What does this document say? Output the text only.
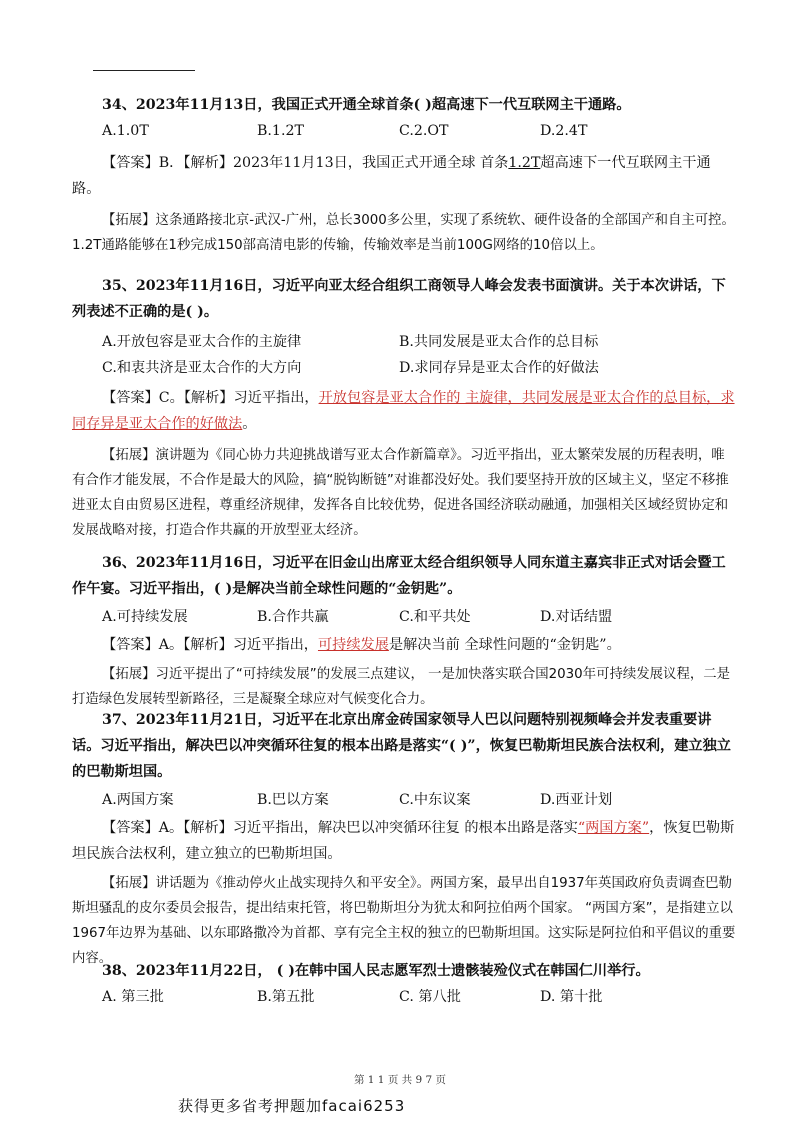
34、2023年11月13日，我国正式开通全球首条( )超高速下一代互联网主干通路。
A.1.0T	B.1.2T	C.2.OT	D.2.4T
【答案】B．【解析】2023年11月13日，我国正式开通全球 首条1.2T超高速下一代互联网主干通路。
【拓展】这条通路接北京-武汉-广州，总长3000多公里，实现了系统软、硬件设备的全部国产和自主可控。1.2T通路能够在1秒完成150部高清电影的传输，传输效率是当前100G网络的10倍以上。
35、2023年11月16日，习近平向亚太经合组织工商领导人峰会发表书面演讲。关于本次讲话，下列表述不正确的是( )。
A.开放包容是亚太合作的主旋律	B.共同发展是亚太合作的总目标
C.和衷共济是亚太合作的大方向	D.求同存异是亚太合作的好做法
【答案】C。【解析】习近平指出，开放包容是亚太合作的 主旋律，共同发展是亚太合作的总目标，求同存异是亚太合作的好做法。
【拓展】演讲题为《同心协力共迎挑战谱写亚太合作新篇章》。习近平指出，亚太繁荣发展的历程表明，唯有合作才能发展，不合作是最大的风险，搞“脱钩断链”对谁都没好处。我们要坚持开放的区域主义，坚定不移推进亚太自由贸易区进程，尊重经济规律，发挥各自比较优势，促进各国经济联动融通，加强相关区域经贸协定和发展战略对接，打造合作共赢的开放型亚太经济。
36、2023年11月16日，习近平在旧金山出席亚太经合组织领导人同东道主嘉宾非正式对话会暨工作午宴。习近平指出，( )是解决当前全球性问题的“金钥匙”。
A.可持续发展	B.合作共赢	C.和平共处	D.对话结盟
【答案】A。【解析】习近平指出，可持续发展是解决当前 全球性问题的“金钥匙”。
【拓展】习近平提出了“可持续发展”的发展三点建议， 一是加快落实联合国2030年可持续发展议程，二是打造绿色发展转型新路径，三是凝聚全球应对气候变化合力。
37、2023年11月21日，习近平在北京出席金砖国家领导人巴以问题特别视频峰会并发表重要讲话。习近平指出，解决巴以冲突循环往复的根本出路是落实“( )”，恢复巴勒斯坦民族合法权利，建立独立的巴勒斯坦国。
A.两国方案	B.巴以方案	C.中东议案	D.西亚计划
【答案】A。【解析】习近平指出，解决巴以冲突循环往复 的根本出路是落实“两国方案”，恢复巴勒斯坦民族合法权利，建立独立的巴勒斯坦国。
【拓展】讲话题为《推动停火止战实现持久和平安全》。两国方案，最早出自1937年英国政府负责调查巴勒斯坦骚乱的皮尔委员会报告，提出结束托管，将巴勒斯坦分为犹太和阿拉伯两个国家。 “两国方案”，是指建立以1967年边界为基础、以东耶路撒冷为首都、享有完全主权的独立的巴勒斯坦国。这实际是阿拉伯和平倡议的重要内容。
38、2023年11月22日， ( )在韩中国人民志愿军烈士遗骸装殓仪式在韩国仁川举行。
A. 第三批	B.第五批	C. 第八批	D. 第十批
第 1 1 页 共 9 7 页
获得更多省考押题加facai6253
